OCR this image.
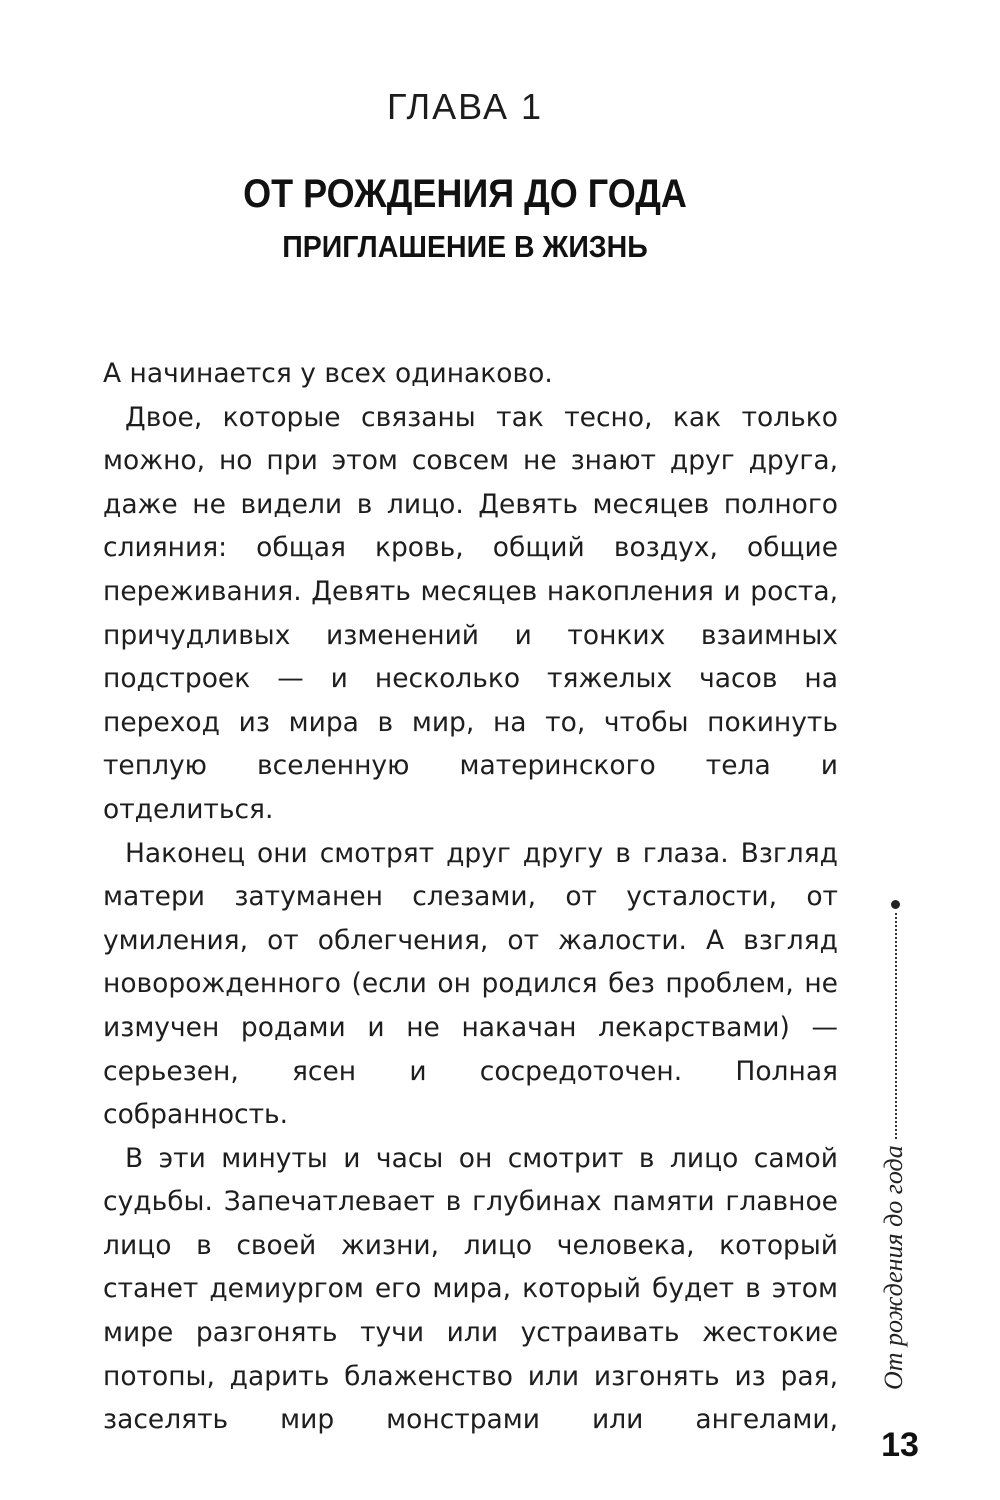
ГЛАВА 1
ОТ РОЖДЕНИЯ ДО ГОДА
ПРИГЛАШЕНИЕ В ЖИЗНЬ

А начинается у всех одинаково.

Двое, которые связаны так тесно, как только можно, но при этом совсем не знают друг друга, даже не видели в лицо. Девять месяцев полного слияния: общая кровь, общий воздух, общие переживания. Девять месяцев накопления и роста, причудливых изменений и тонких взаимных подстроек — и несколько тяжелых часов на переход из мира в мир, на то, чтобы покинуть теплую вселенную материнского тела и отделиться.

Наконец они смотрят друг другу в глаза. Взгляд матери затуманен слезами, от усталости, от умиления, от облегчения, от жалости. А взгляд новорожденного (если он родился без проблем, не измучен родами и не накачан лекарствами) — серьезен, ясен и сосредоточен. Полная собранность.

В эти минуты и часы он смотрит в лицо самой судьбы. Запечатлевает в глубинах памяти главное лицо в своей жизни, лицо человека, который станет демиургом его мира, который будет в этом мире разгонять тучи или устраивать жестокие потопы, дарить блаженство или изгонять из рая, заселять мир монстрами или ангелами,

От рождения до года
13
